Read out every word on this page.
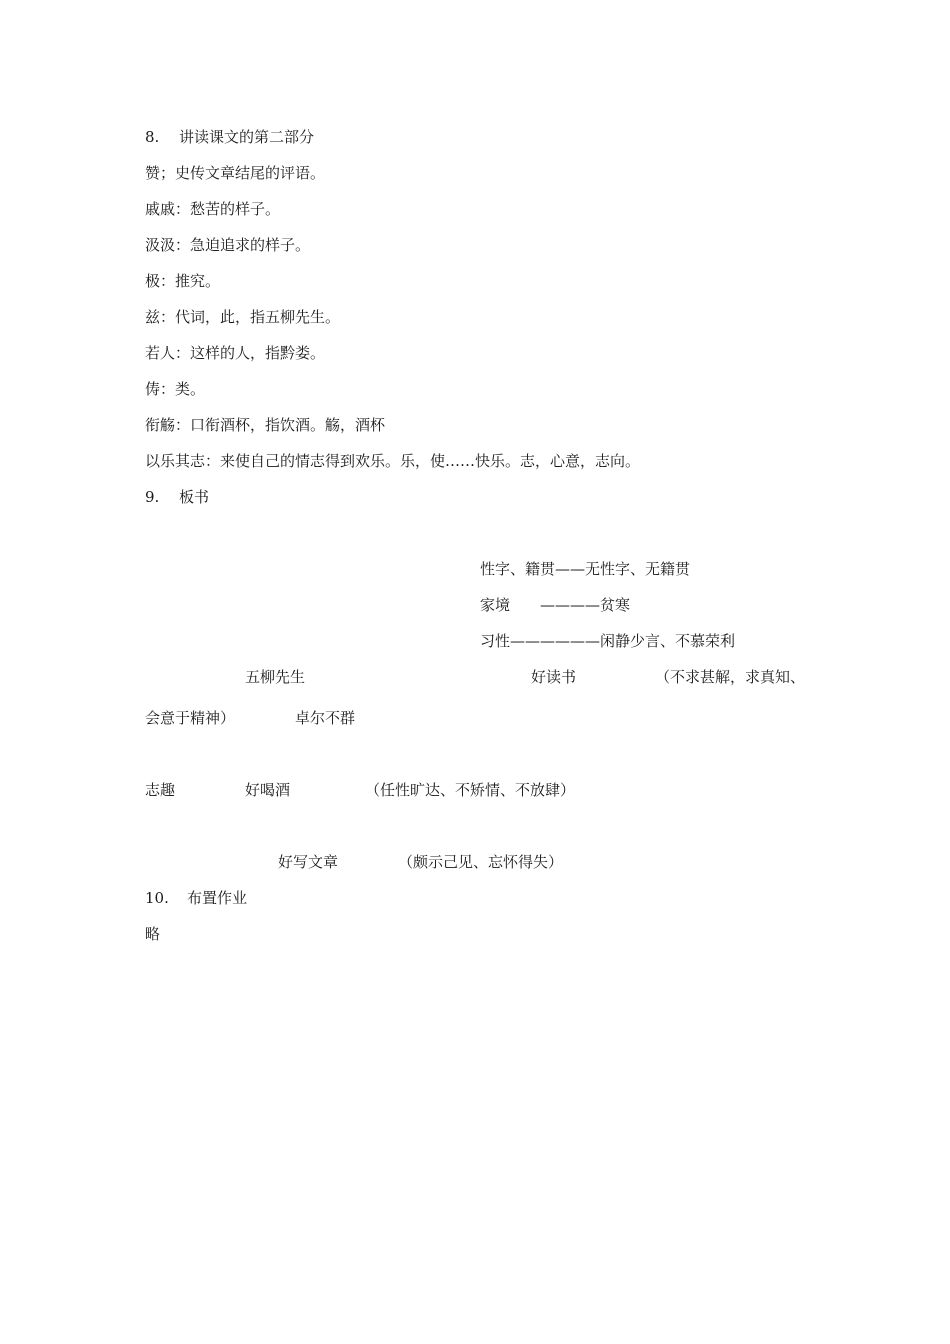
8. 讲读课文的第二部分
赞；史传文章结尾的评语。
戚戚：愁苦的样子。
汲汲：急迫追求的样子。
极：推究。
兹：代词，此，指五柳先生。
若人：这样的人，指黔娄。
俦：类。
衔觞：口衔酒杯，指饮酒。觞，酒杯
以乐其志：来使自己的情志得到欢乐。乐，使……快乐。志，心意，志向。
9. 板书
性字、籍贯——无性字、无籍贯
家境　　————贫寒
习性——————闲静少言、不慕荣利
五柳先生	好读书	（不求甚解，求真知、
会意于精神）	卓尔不群
志趣	好喝酒	（任性旷达、不矫情、不放肆）
好写文章	（颇示己见、忘怀得失）
10. 布置作业
略
